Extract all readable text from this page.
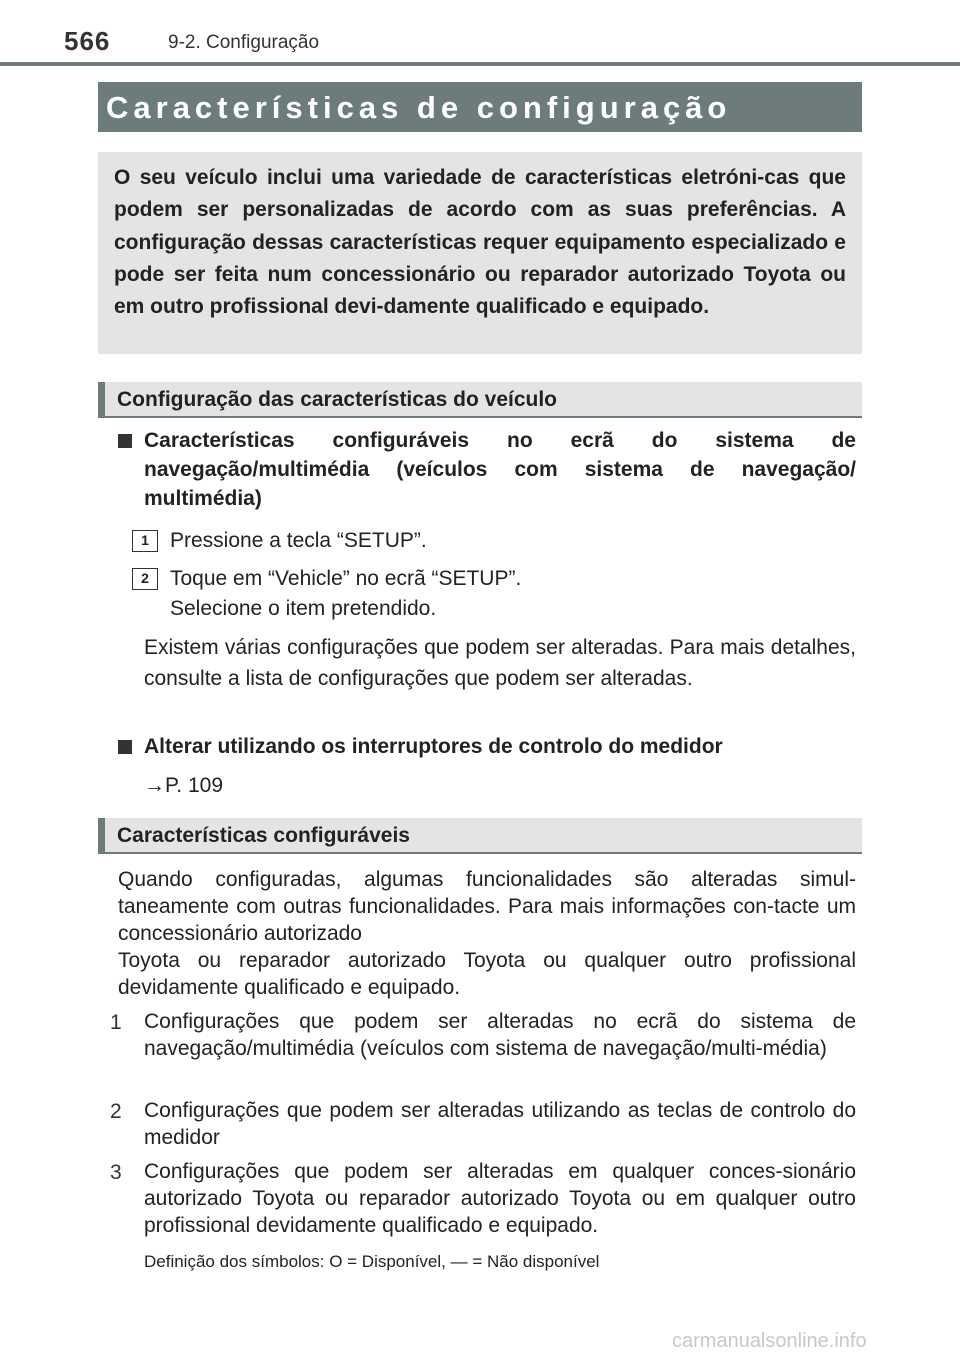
566	9-2. Configuração
Características de configuração

O seu veículo inclui uma variedade de características eletróni-cas que podem ser personalizadas de acordo com as suas preferências. A configuração dessas características requer equipamento especializado e pode ser feita num concessionário ou reparador autorizado Toyota ou em outro profissional devi-damente qualificado e equipado.

Configuração das características do veículo

Características configuráveis no ecrã do sistema de navegação/multimédia (veículos com sistema de navegação/ multimédia)

1	Pressione a tecla “SETUP”.
2	Toque em “Vehicle” no ecrã “SETUP”.
Selecione o item pretendido.

Existem várias configurações que podem ser alteradas. Para mais detalhes, consulte a lista de configurações que podem ser alteradas.

Alterar utilizando os interruptores de controlo do medidor

→P. 109
Características configuráveis

Quando configuradas, algumas funcionalidades são alteradas simul-taneamente com outras funcionalidades. Para mais informações con-tacte um concessionário autorizado

Toyota ou reparador autorizado Toyota ou qualquer outro profissional devidamente qualificado e equipado.

1	Configurações que podem ser alteradas no ecrã do sistema de navegação/multimédia (veículos com sistema de navegação/multi-média)

2	Configurações que podem ser alteradas utilizando as teclas de controlo do medidor

3	Configurações que podem ser alteradas em qualquer conces-sionário autorizado Toyota ou reparador autorizado Toyota ou em qualquer outro profissional devidamente qualificado e equipado.

Definição dos símbolos: O = Disponível, — = Não disponível
carmanualsonline.info
